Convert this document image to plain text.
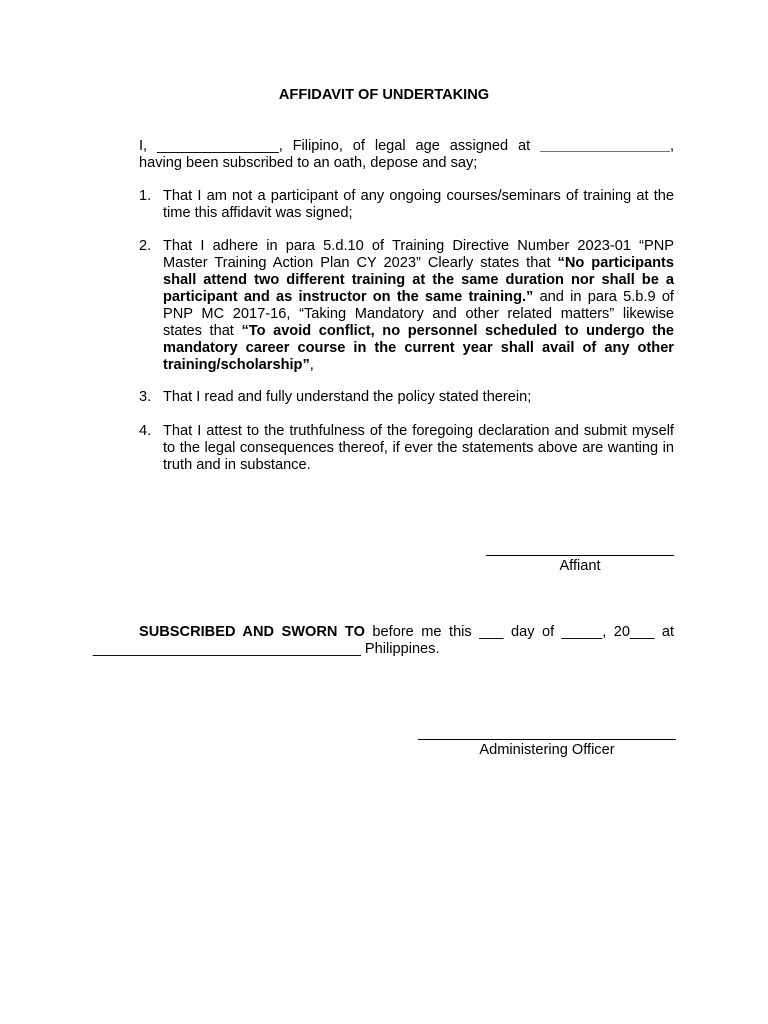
AFFIDAVIT OF UNDERTAKING
I, _______________, Filipino, of legal age assigned at ________________, having been subscribed to an oath, depose and say;
1. That I am not a participant of any ongoing courses/seminars of training at the time this affidavit was signed;
2. That I adhere in para 5.d.10 of Training Directive Number 2023-01 “PNP Master Training Action Plan CY 2023” Clearly states that “No participants shall attend two different training at the same duration nor shall be a participant and as instructor on the same training.” and in para 5.b.9 of PNP MC 2017-16, “Taking Mandatory and other related matters” likewise states that “To avoid conflict, no personnel scheduled to undergo the mandatory career course in the current year shall avail of any other training/scholarship”,
3. That I read and fully understand the policy stated therein;
4. That I attest to the truthfulness of the foregoing declaration and submit myself to the legal consequences thereof, if ever the statements above are wanting in truth and in substance.
Affiant
SUBSCRIBED AND SWORN TO before me this ___ day of _____, 20___ at
_________________________________ Philippines.
Administering Officer
